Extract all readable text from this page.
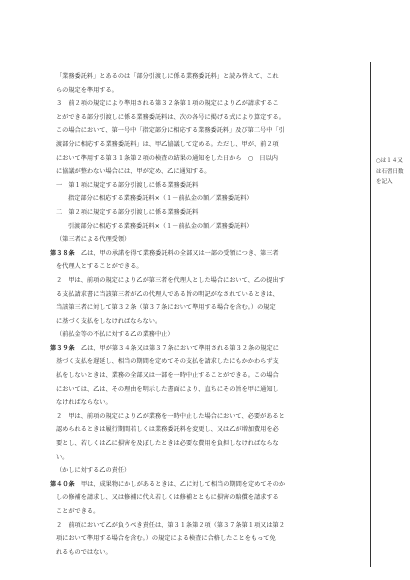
「業務委託料」とあるのは「部分引渡しに係る業務委託料」と読み替えて、これ

らの規定を準用する。

３　前２項の規定により準用される第３２条第１項の規定により乙が請求するこ

とができる部分引渡しに係る業務委託料は、次の各号に掲げる式により算定する。

この場合において、第一号中「指定部分に相応する業務委託料」及び第二号中「引

渡部分に相応する業務委託料」は、甲乙協議して定める。ただし、甲が、前２項

において準用する第３１条第２項の検査の結果の通知をした日から　○　日以内

に協議が整わない場合には、甲が定め、乙に通知する。

一　第１項に規定する部分引渡しに係る業務委託料

指定部分に相応する業務委託料×（１－前払金の額／業務委託料）

二　第２項に規定する部分引渡しに係る業務委託料

引渡部分に相応する業務委託料×（１－前払金の額／業務委託料）

（第三者による代理受領）

第３８条　 乙は、甲の承諾を得て業務委託料の全部又は一部の受領につき、第三者

を代理人とすることができる。

２　甲は、前項の規定により乙が第三者を代理人とした場合において、乙の提出す

る支払請求書に当該第三者が乙の代理人である旨の明記がなされているときは、

当該第三者に対して第３２条（第３７条において準用する場合を含む。）の規定

に基づく支払をしなければならない。

（前払金等の不払に対する乙の業務中止）

第３９条　 乙は、甲が第３４条又は第３７条において準用される第３２条の規定に

基づく支払を遅延し、相当の期間を定めてその支払を請求したにもかかわらず支

払をしないときは、業務の全部又は一部を一時中止することができる。この場合

においては、乙は、その理由を明示した書面により、直ちにその旨を甲に通知し

なければならない。

２　甲は、前項の規定により乙が業務を一時中止した場合において、必要があると

認められるときは履行期間若しくは業務委託料を変更し、又は乙が増加費用を必

要とし、若しくは乙に損害を及ぼしたときは必要な費用を負担しなければならな

い。

（かしに対する乙の責任）

第４０条　 甲は、成果物にかしがあるときは、乙に対して相当の期間を定めてそのか

しの修補を請求し、又は修補に代え若しくは修補とともに損害の賠償を請求する

ことができる。

２　前項において乙が負うべき責任は、第３１条第２項（第３７条第１項又は第２

項において準用する場合を含む。）の規定による検査に合格したことをもって免

れるものではない。

○は１４又
は石習日数
を記入
